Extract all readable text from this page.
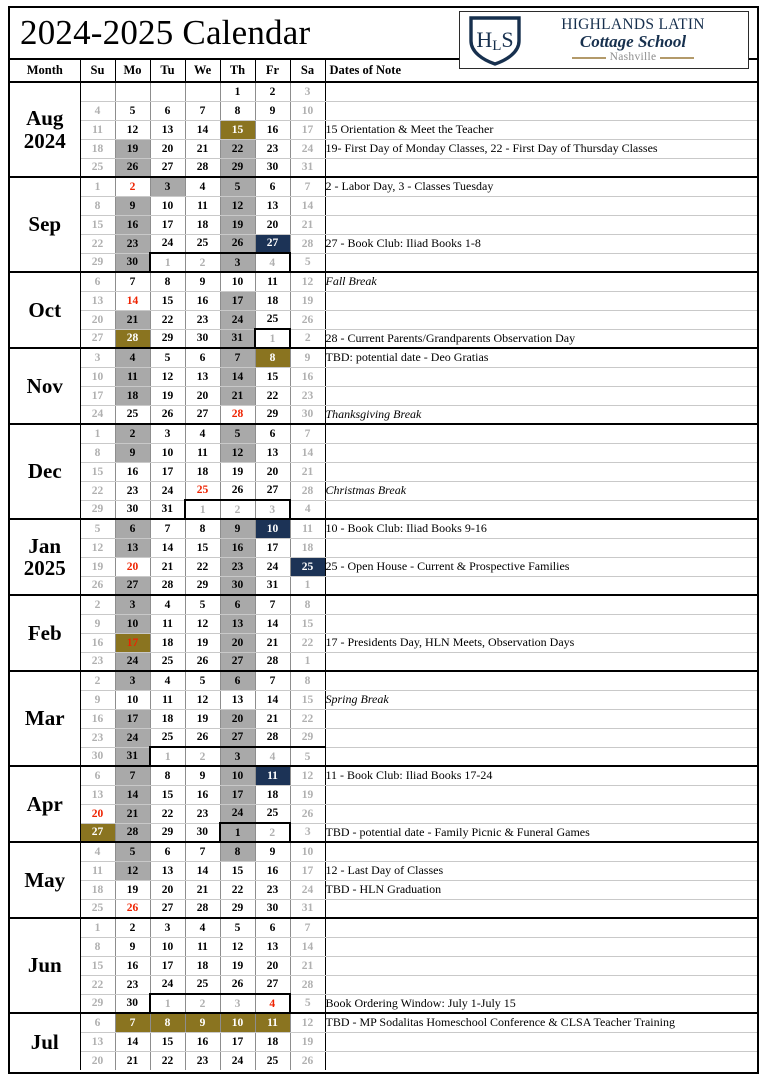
2024-2025 Calendar	HLS
HIGHLANDS LATIN
Cottage School
Nashville
Month	Su	Mo	Tu	We	Th	Fr	Sa	Dates of Note
Aug
2024					1	2	3	
	4	5	6	7	8	9	10	
	11	12	13	14	15	16	17	15 Orientation & Meet the Teacher
	18	19	20	21	22	23	24	19- First Day of Monday Classes, 22 - First Day of Thursday Classes
	25	26	27	28	29	30	31	
Sep	1	2	3	4	5	6	7	2 - Labor Day, 3 - Classes Tuesday
	8	9	10	11	12	13	14	
	15	16	17	18	19	20	21	
	22	23	24	25	26	27	28	27 - Book Club: Iliad Books 1-8
	29	30	1	2	3	4	5	
Oct	6	7	8	9	10	11	12	Fall Break
	13	14	15	16	17	18	19	
	20	21	22	23	24	25	26	
	27	28	29	30	31	1	2	28 - Current Parents/Grandparents Observation Day
Nov	3	4	5	6	7	8	9	TBD: potential date - Deo Gratias
	10	11	12	13	14	15	16	
	17	18	19	20	21	22	23	
	24	25	26	27	28	29	30	Thanksgiving Break
Dec	1	2	3	4	5	6	7	
	8	9	10	11	12	13	14	
	15	16	17	18	19	20	21	
	22	23	24	25	26	27	28	Christmas Break
	29	30	31	1	2	3	4	
Jan
2025	5	6	7	8	9	10	11	10 - Book Club: Iliad Books 9-16
	12	13	14	15	16	17	18	
	19	20	21	22	23	24	25	25 - Open House - Current & Prospective Families
	26	27	28	29	30	31	1	
Feb	2	3	4	5	6	7	8	
	9	10	11	12	13	14	15	
	16	17	18	19	20	21	22	17 - Presidents Day, HLN Meets, Observation Days
	23	24	25	26	27	28	1	
Mar	2	3	4	5	6	7	8	
	9	10	11	12	13	14	15	Spring Break
	16	17	18	19	20	21	22	
	23	24	25	26	27	28	29	
	30	31	1	2	3	4	5	
Apr	6	7	8	9	10	11	12	11 - Book Club: Iliad Books 17-24
	13	14	15	16	17	18	19	
	20	21	22	23	24	25	26	
	27	28	29	30	1	2	3	TBD - potential date - Family Picnic & Funeral Games
May	4	5	6	7	8	9	10	
	11	12	13	14	15	16	17	12 - Last Day of Classes
	18	19	20	21	22	23	24	TBD - HLN Graduation
	25	26	27	28	29	30	31	
Jun	1	2	3	4	5	6	7	
	8	9	10	11	12	13	14	
	15	16	17	18	19	20	21	
	22	23	24	25	26	27	28	
	29	30	1	2	3	4	5	Book Ordering Window: July 1-July 15
Jul	6	7	8	9	10	11	12	TBD - MP Sodalitas Homeschool Conference & CLSA Teacher Training
	13	14	15	16	17	18	19	
	20	21	22	23	24	25	26	
